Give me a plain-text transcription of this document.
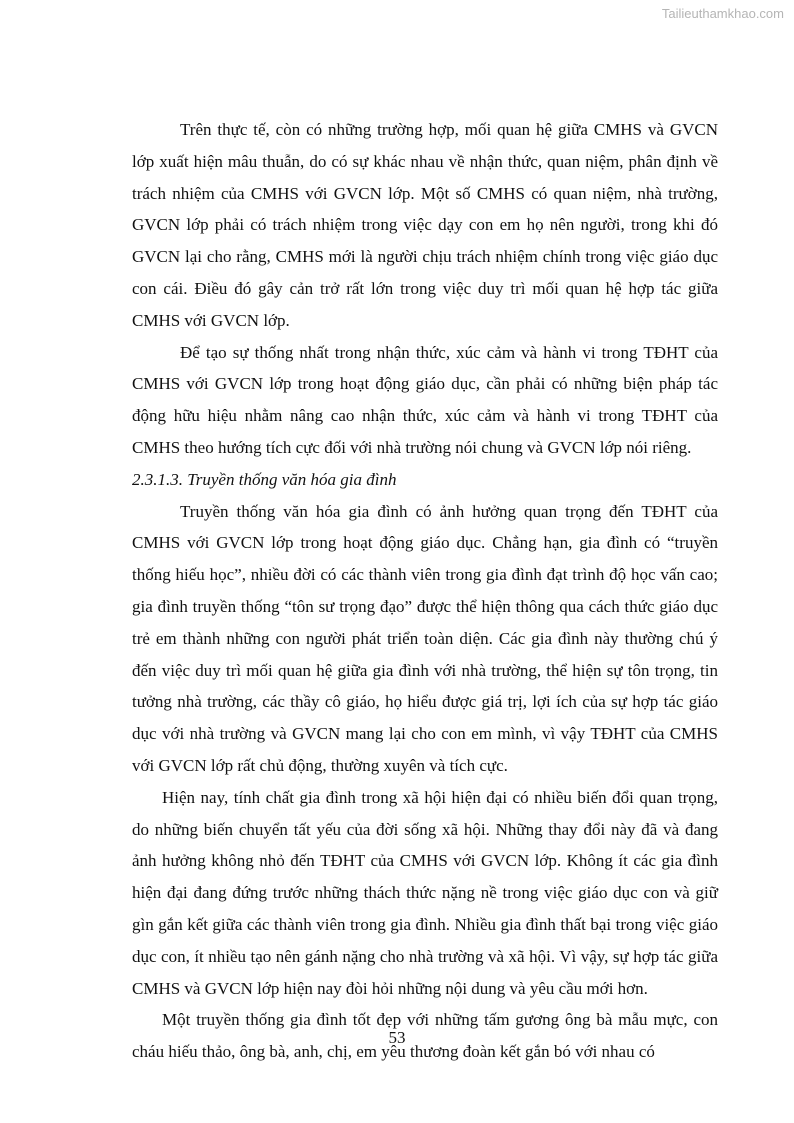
Tailieuthamkhao.com

Trên thực tế, còn có những trường hợp, mối quan hệ giữa CMHS và GVCN lớp xuất hiện mâu thuẫn, do có sự khác nhau về nhận thức, quan niệm, phân định về trách nhiệm của CMHS với GVCN lớp. Một số CMHS có quan niệm, nhà trường, GVCN lớp phải có trách nhiệm trong việc dạy con em họ nên người, trong khi đó GVCN lại cho rằng, CMHS mới là người chịu trách nhiệm chính trong việc giáo dục con cái. Điều đó gây cản trở rất lớn trong việc duy trì mối quan hệ hợp tác giữa CMHS với GVCN lớp.

Để tạo sự thống nhất trong nhận thức, xúc cảm và hành vi trong TĐHT của CMHS với GVCN lớp trong hoạt động giáo dục, cần phải có những biện pháp tác động hữu hiệu nhằm nâng cao nhận thức, xúc cảm và hành vi trong TĐHT của CMHS theo hướng tích cực đối với nhà trường nói chung và GVCN lớp nói riêng.

2.3.1.3. Truyền thống văn hóa gia đình

Truyền thống văn hóa gia đình có ảnh hưởng quan trọng đến TĐHT của CMHS với GVCN lớp trong hoạt động giáo dục. Chẳng hạn, gia đình có “truyền thống hiếu học”, nhiều đời có các thành viên trong gia đình đạt trình độ học vấn cao; gia đình truyền thống “tôn sư trọng đạo” được thể hiện thông qua cách thức giáo dục trẻ em thành những con người phát triển toàn diện. Các gia đình này thường chú ý đến việc duy trì mối quan hệ giữa gia đình với nhà trường, thể hiện sự tôn trọng, tin tưởng nhà trường, các thầy cô giáo, họ hiểu được giá trị, lợi ích của sự hợp tác giáo dục với nhà trường và GVCN mang lại cho con em mình, vì vậy TĐHT của CMHS với GVCN lớp rất chủ động, thường xuyên và tích cực.

Hiện nay, tính chất gia đình trong xã hội hiện đại có nhiều biến đổi quan trọng, do những biến chuyển tất yếu của đời sống xã hội. Những thay đổi này đã và đang ảnh hưởng không nhỏ đến TĐHT của CMHS với GVCN lớp. Không ít các gia đình hiện đại đang đứng trước những thách thức nặng nề trong việc giáo dục con và giữ gìn gắn kết giữa các thành viên trong gia đình. Nhiều gia đình thất bại trong việc giáo dục con, ít nhiều tạo nên gánh nặng cho nhà trường và xã hội. Vì vậy, sự hợp tác giữa CMHS và GVCN lớp hiện nay đòi hỏi những nội dung và yêu cầu mới hơn.

Một truyền thống gia đình tốt đẹp với những tấm gương ông bà mẫu mực, con cháu hiếu thảo, ông bà, anh, chị, em yêu thương đoàn kết gắn bó với nhau có

53
